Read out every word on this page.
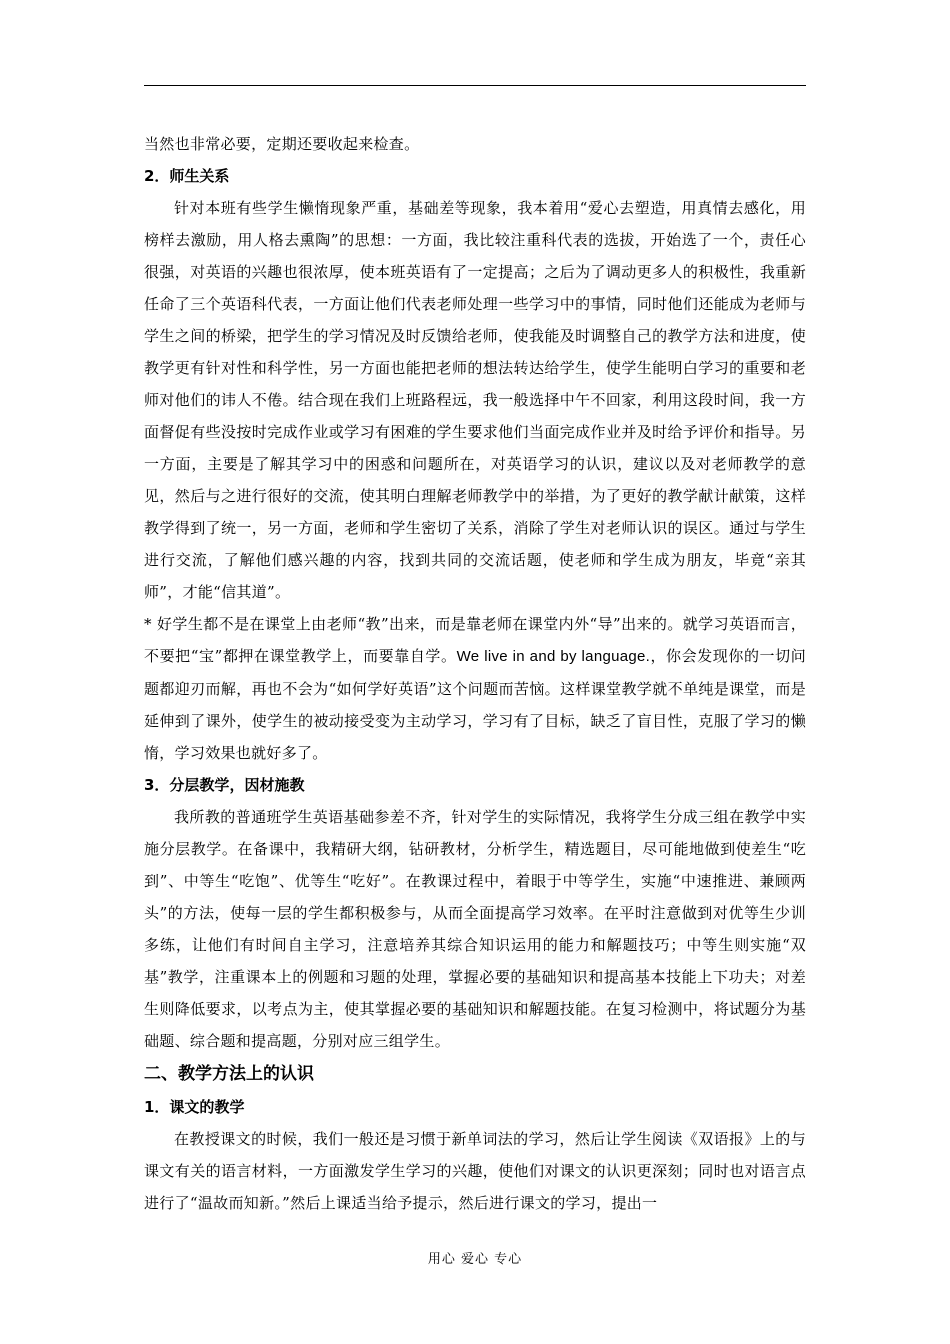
当然也非常必要，定期还要收起来检查。

2．师生关系

针对本班有些学生懒惰现象严重，基础差等现象，我本着用“爱心去塑造，用真情去感化，用榜样去激励，用人格去熏陶”的思想：一方面，我比较注重科代表的选拔，开始选了一个，责任心很强，对英语的兴趣也很浓厚，使本班英语有了一定提高；之后为了调动更多人的积极性，我重新任命了三个英语科代表，一方面让他们代表老师处理一些学习中的事情，同时他们还能成为老师与学生之间的桥梁，把学生的学习情况及时反馈给老师，使我能及时调整自己的教学方法和进度，使教学更有针对性和科学性，另一方面也能把老师的想法转达给学生，使学生能明白学习的重要和老师对他们的讳人不倦。结合现在我们上班路程远，我一般选择中午不回家，利用这段时间，我一方面督促有些没按时完成作业或学习有困难的学生要求他们当面完成作业并及时给予评价和指导。另一方面，主要是了解其学习中的困惑和问题所在，对英语学习的认识，建议以及对老师教学的意见，然后与之进行很好的交流，使其明白理解老师教学中的举措，为了更好的教学献计献策，这样教学得到了统一，另一方面，老师和学生密切了关系，消除了学生对老师认识的误区。通过与学生进行交流，了解他们感兴趣的内容，找到共同的交流话题，使老师和学生成为朋友，毕竟“亲其师”，才能“信其道”。

* 好学生都不是在课堂上由老师“教”出来，而是靠老师在课堂内外“导”出来的。就学习英语而言，不要把“宝”都押在课堂教学上，而要靠自学。We live in and by language.，你会发现你的一切问题都迎刃而解，再也不会为“如何学好英语”这个问题而苦恼。这样课堂教学就不单纯是课堂，而是延伸到了课外，使学生的被动接受变为主动学习，学习有了目标，缺乏了盲目性，克服了学习的懒惰，学习效果也就好多了。

3．分层教学，因材施教

我所教的普通班学生英语基础参差不齐，针对学生的实际情况，我将学生分成三组在教学中实施分层教学。在备课中，我精研大纲，钻研教材，分析学生，精选题目，尽可能地做到使差生“吃到”、中等生“吃饱”、优等生“吃好”。在教课过程中，着眼于中等学生，实施“中速推进、兼顾两头”的方法，使每一层的学生都积极参与，从而全面提高学习效率。在平时注意做到对优等生少训多练，让他们有时间自主学习，注意培养其综合知识运用的能力和解题技巧；中等生则实施“双基”教学，注重课本上的例题和习题的处理，掌握必要的基础知识和提高基本技能上下功夫；对差生则降低要求，以考点为主，使其掌握必要的基础知识和解题技能。在复习检测中，将试题分为基础题、综合题和提高题，分别对应三组学生。

二、教学方法上的认识

1．课文的教学

在教授课文的时候，我们一般还是习惯于新单词法的学习，然后让学生阅读《双语报》上的与课文有关的语言材料，一方面激发学生学习的兴趣，使他们对课文的认识更深刻；同时也对语言点进行了“温故而知新。”然后上课适当给予提示，然后进行课文的学习，提出一

用心 爱心 专心
